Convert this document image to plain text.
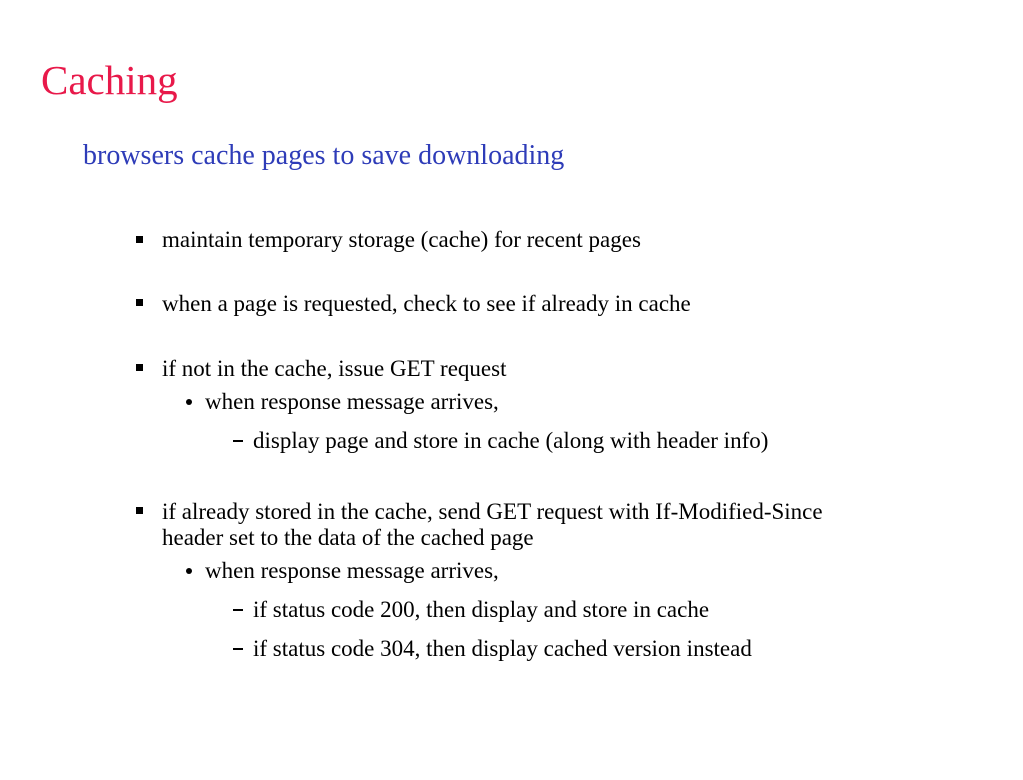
Caching
browsers cache pages to save downloading
maintain temporary storage (cache) for recent pages
when a page is requested, check to see if already in cache
if not in the cache, issue GET request
when response message arrives,
display page and store in cache (along with header info)
if already stored in the cache, send GET request with If-Modified-Since
header set to the data of the cached page
when response message arrives,
if status code 200, then display and store in cache
if status code 304, then display cached version instead
